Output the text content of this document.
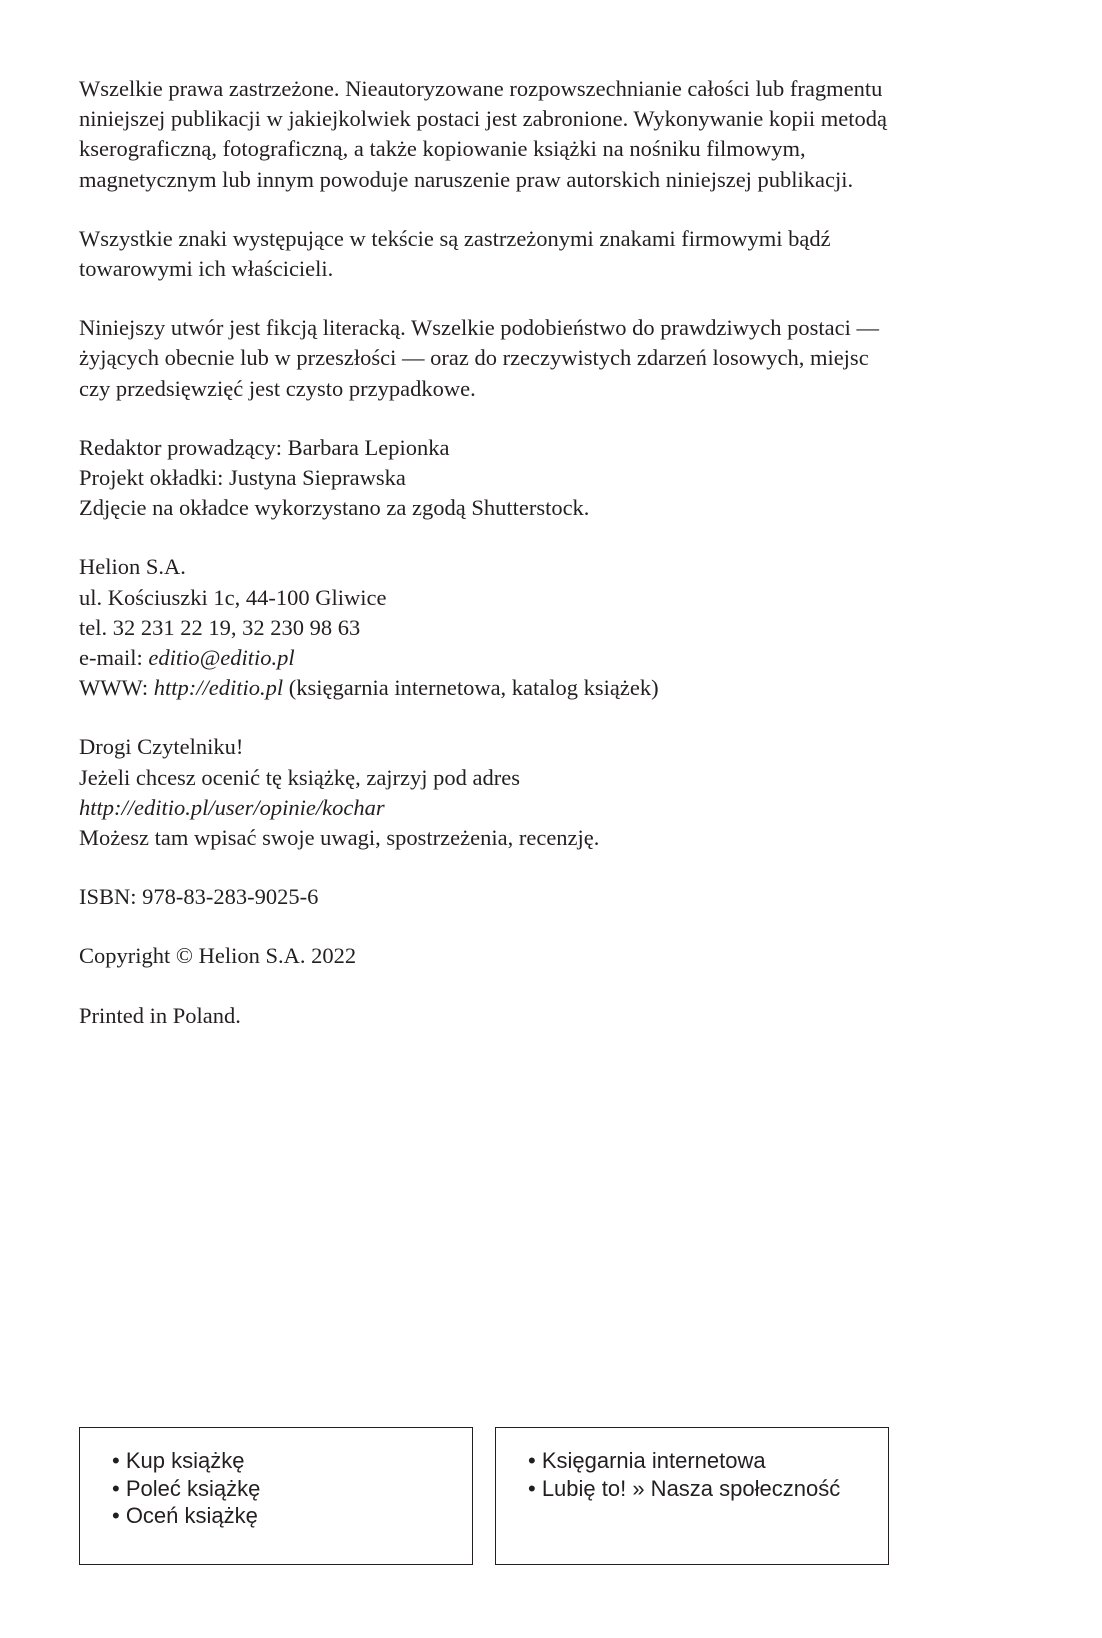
Wszelkie prawa zastrzeżone. Nieautoryzowane rozpowszechnianie całości lub fragmentu
niniejszej publikacji w jakiejkolwiek postaci jest zabronione. Wykonywanie kopii metodą
kserograficzną, fotograficzną, a także kopiowanie książki na nośniku filmowym,
magnetycznym lub innym powoduje naruszenie praw autorskich niniejszej publikacji.

Wszystkie znaki występujące w tekście są zastrzeżonymi znakami firmowymi bądź
towarowymi ich właścicieli.

Niniejszy utwór jest fikcją literacką. Wszelkie podobieństwo do prawdziwych postaci —
żyjących obecnie lub w przeszłości — oraz do rzeczywistych zdarzeń losowych, miejsc
czy przedsięwzięć jest czysto przypadkowe.

Redaktor prowadzący: Barbara Lepionka
Projekt okładki: Justyna Sieprawska
Zdjęcie na okładce wykorzystano za zgodą Shutterstock.

Helion S.A.
ul. Kościuszki 1c, 44-100 Gliwice
tel. 32 231 22 19, 32 230 98 63
e-mail: editio@editio.pl
WWW: http://editio.pl (księgarnia internetowa, katalog książek)

Drogi Czytelniku!
Jeżeli chcesz ocenić tę książkę, zajrzyj pod adres
http://editio.pl/user/opinie/kochar
Możesz tam wpisać swoje uwagi, spostrzeżenia, recenzję.

ISBN: 978-83-283-9025-6

Copyright © Helion S.A. 2022

Printed in Poland.

• Kup książkę
• Poleć książkę
• Oceń książkę
• Księgarnia internetowa
• Lubię to! » Nasza społeczność
